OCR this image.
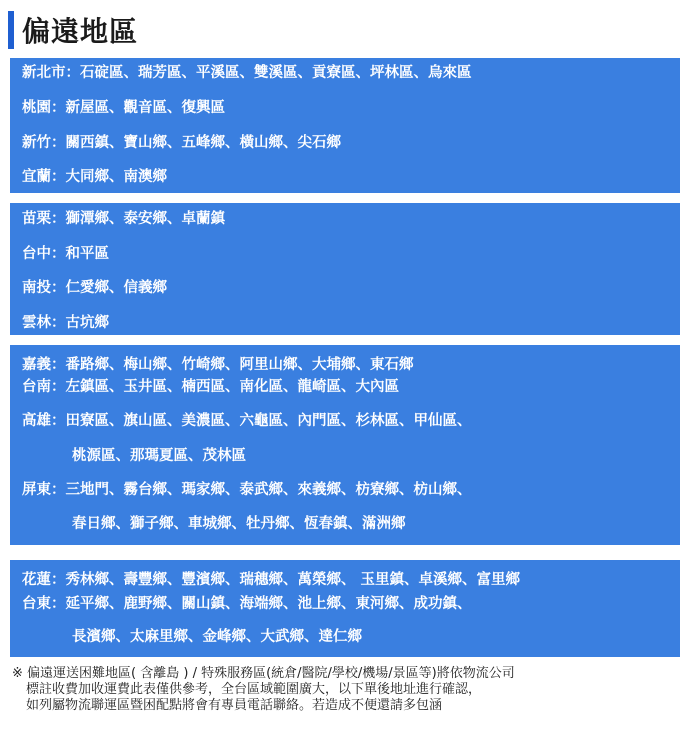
偏遠地區
新北市：石碇區、瑞芳區、平溪區、雙溪區、貢寮區、坪林區、烏來區
桃園：新屋區、觀音區、復興區
新竹：關西鎮、寶山鄉、五峰鄉、橫山鄉、尖石鄉
宜蘭：大同鄉、南澳鄉
苗栗：獅潭鄉、泰安鄉、卓蘭鎮
台中：和平區
南投：仁愛鄉、信義鄉
雲林：古坑鄉
嘉義：番路鄉、梅山鄉、竹崎鄉、阿里山鄉、大埔鄉、東石鄉
台南：左鎮區、玉井區、楠西區、南化區、龍崎區、大內區
高雄：田寮區、旗山區、美濃區、六龜區、內門區、杉林區、甲仙區、
桃源區、那瑪夏區、茂林區
屏東：三地門、霧台鄉、瑪家鄉、泰武鄉、來義鄉、枋寮鄉、枋山鄉、
春日鄉、獅子鄉、車城鄉、牡丹鄉、恆春鎮、滿洲鄉
花蓮：秀林鄉、壽豐鄉、豐濱鄉、瑞穗鄉、萬榮鄉、 玉里鎮、卓溪鄉、富里鄉
台東：延平鄉、鹿野鄉、關山鎮、海端鄉、池上鄉、東河鄉、成功鎮、
長濱鄉、太麻里鄉、金峰鄉、大武鄉、達仁鄉
※ 偏遠運送困難地區( 含離島 ) / 特殊服務區(統倉/醫院/學校/機場/景區等)將依物流公司
標註收費加收運費此表僅供參考，全台區域範圍廣大，以下單後地址進行確認，
如列屬物流聯運區暨困配點將會有專員電話聯絡。若造成不便還請多包涵
